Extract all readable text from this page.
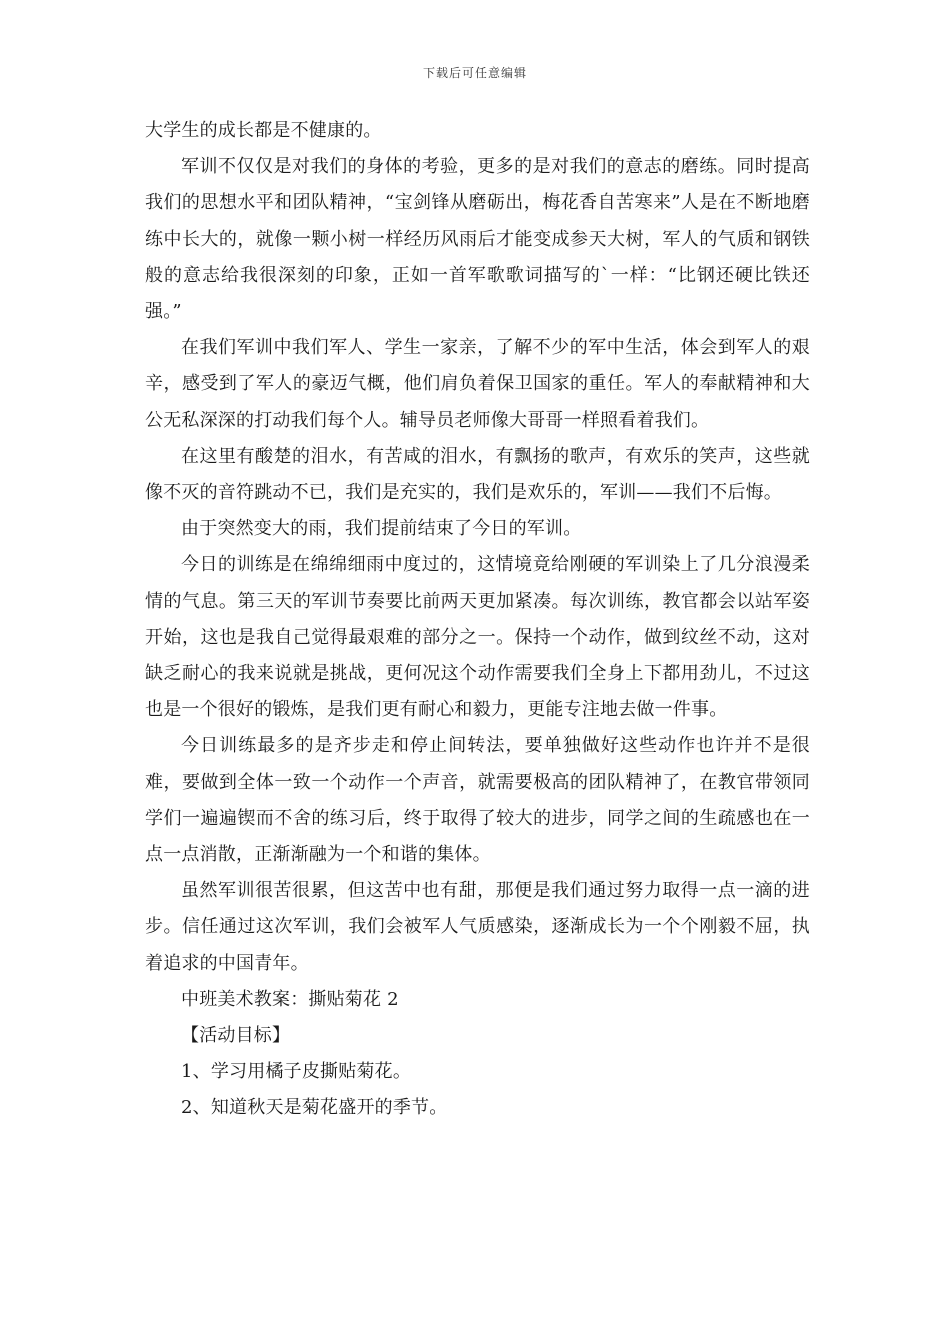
下载后可任意编辑

大学生的成长都是不健康的。

军训不仅仅是对我们的身体的考验，更多的是对我们的意志的磨练。同时提高我们的思想水平和团队精神，“宝剑锋从磨砺出，梅花香自苦寒来”人是在不断地磨练中长大的，就像一颗小树一样经历风雨后才能变成参天大树，军人的气质和钢铁般的意志给我很深刻的印象，正如一首军歌歌词描写的`一样：“比钢还硬比铁还强。”

在我们军训中我们军人、学生一家亲，了解不少的军中生活，体会到军人的艰辛，感受到了军人的豪迈气概，他们肩负着保卫国家的重任。军人的奉献精神和大公无私深深的打动我们每个人。辅导员老师像大哥哥一样照看着我们。

在这里有酸楚的泪水，有苦咸的泪水，有飘扬的歌声，有欢乐的笑声，这些就像不灭的音符跳动不已，我们是充实的，我们是欢乐的，军训——我们不后悔。

由于突然变大的雨，我们提前结束了今日的军训。

今日的训练是在绵绵细雨中度过的，这情境竟给刚硬的军训染上了几分浪漫柔情的气息。第三天的军训节奏要比前两天更加紧凑。每次训练，教官都会以站军姿开始，这也是我自己觉得最艰难的部分之一。保持一个动作，做到纹丝不动，这对缺乏耐心的我来说就是挑战，更何况这个动作需要我们全身上下都用劲儿，不过这也是一个很好的锻炼，是我们更有耐心和毅力，更能专注地去做一件事。

今日训练最多的是齐步走和停止间转法，要单独做好这些动作也许并不是很难，要做到全体一致一个动作一个声音，就需要极高的团队精神了，在教官带领同学们一遍遍锲而不舍的练习后，终于取得了较大的进步，同学之间的生疏感也在一点一点消散，正渐渐融为一个和谐的集体。

虽然军训很苦很累，但这苦中也有甜，那便是我们通过努力取得一点一滴的进步。信任通过这次军训，我们会被军人气质感染，逐渐成长为一个个刚毅不屈，执着追求的中国青年。

中班美术教案：撕贴菊花 2

【活动目标】

1、学习用橘子皮撕贴菊花。

2、知道秋天是菊花盛开的季节。
